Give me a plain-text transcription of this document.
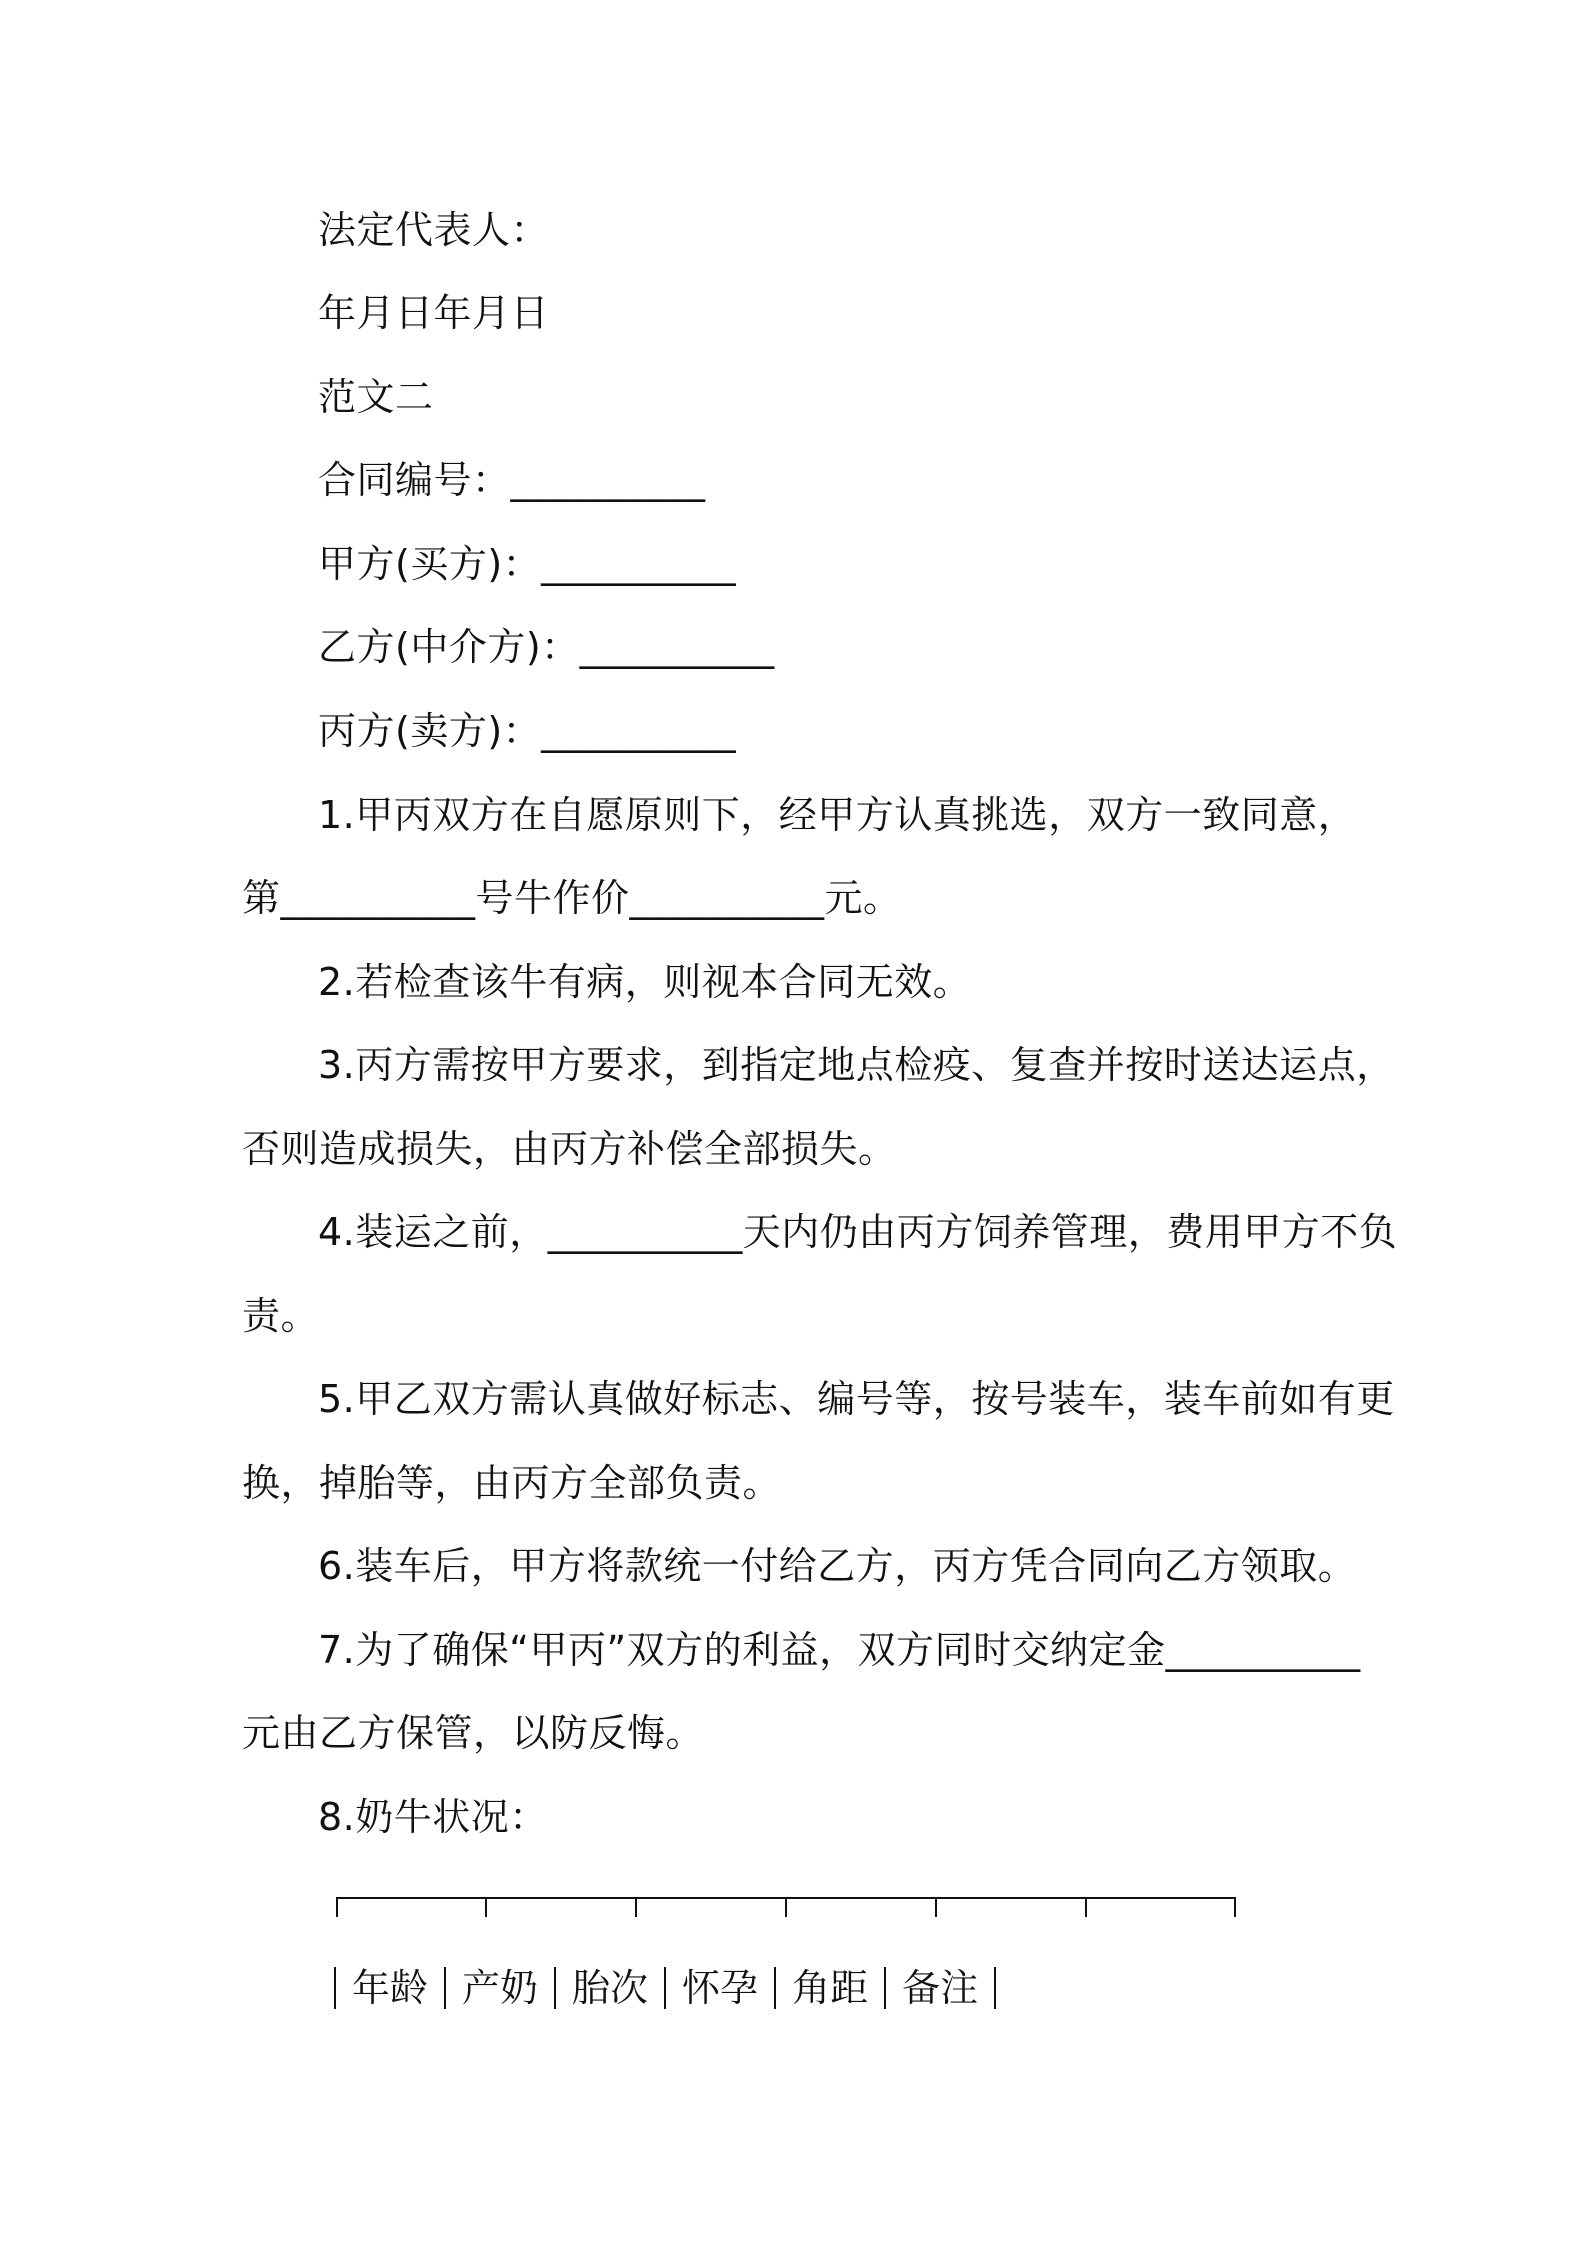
法定代表人：
年月日年月日
范文二
合同编号：__________
甲方(买方)：__________
乙方(中介方)：__________
丙方(卖方)：__________
1.甲丙双方在自愿原则下，经甲方认真挑选，双方一致同意，
第__________号牛作价__________元。
2.若检查该牛有病，则视本合同无效。
3.丙方需按甲方要求，到指定地点检疫、复查并按时送达运点，
否则造成损失，由丙方补偿全部损失。
4.装运之前，__________天内仍由丙方饲养管理，费用甲方不负
责。
5.甲乙双方需认真做好标志、编号等，按号装车，装车前如有更
换，掉胎等，由丙方全部负责。
6.装车后，甲方将款统一付给乙方，丙方凭合同向乙方领取。
7.为了确保“甲丙”双方的利益，双方同时交纳定金__________
元由乙方保管，以防反悔。
8.奶牛状况：
年龄 产奶 胎次 怀孕 角距 备注
